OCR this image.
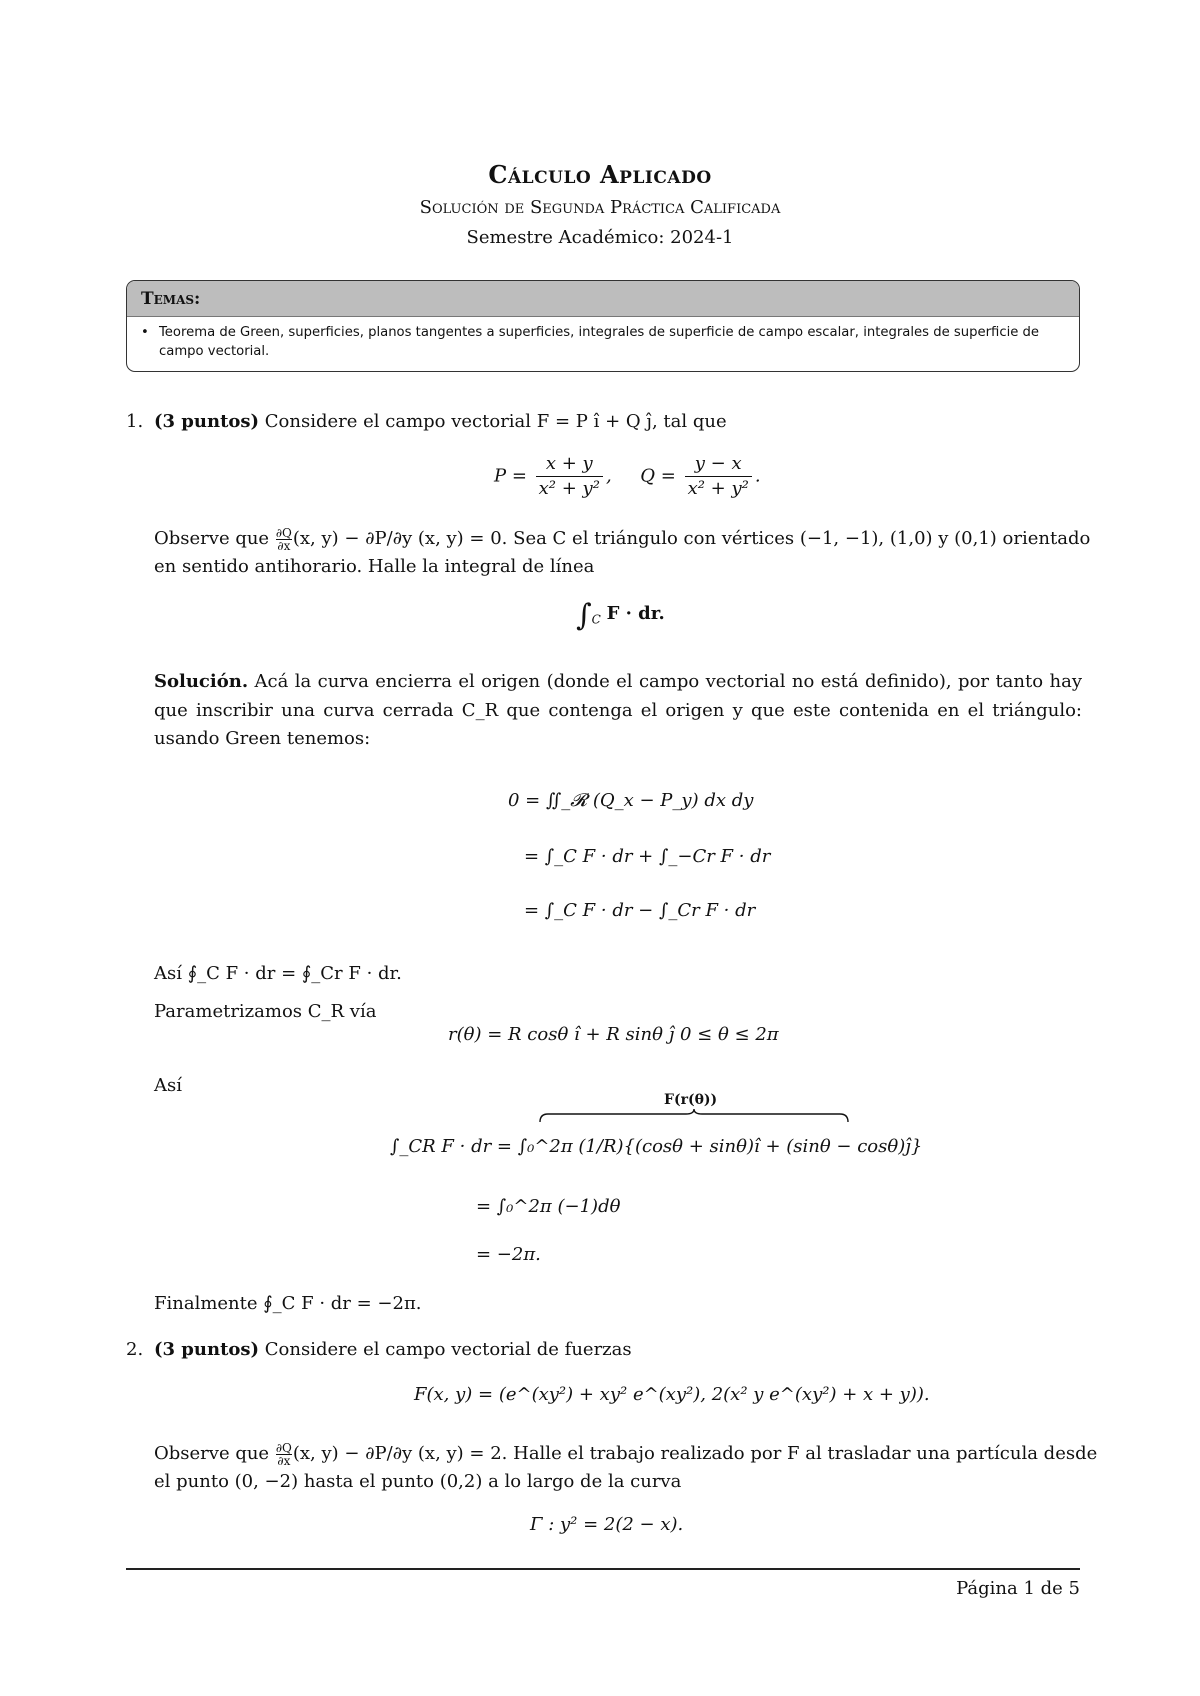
Cálculo Aplicado
Solución de Segunda Práctica Calificada
Semestre Académico: 2024-1
Temas:
• Teorema de Green, superficies, planos tangentes a superficies, integrales de superficie de campo escalar, integrales de superficie de campo vectorial.
1. (3 puntos) Considere el campo vectorial F = P î + Q ĵ, tal que
$P = \frac{x + y}{\text{x² + y²}}$ ,     $Q = \frac{y - x}{\text{x² + y²}}$ .
Observe que $\frac{\partial Q}{\partial x} (x$, y) − ∂P/∂y (x, y) = 0. Sea C el triángulo con vértices (−1, −1), (1,0) y (0,1) orientado
en sentido antihorario. Halle la integral de línea
$\int_C$ F · dr.
Solución. Acá la curva encierra el origen (donde el campo vectorial no está definido), por tanto hay que inscribir una curva cerrada C_R que contenga el origen y que este contenida en el triángulo: usando Green tenemos:
0 = ∬_𝓡 (Q_x − P_y) dx dy
= ∫_C F · dr + ∫_−Cr F · dr
= ∫_C F · dr − ∫_Cr F · dr
Así ∮_C F · dr = ∮_Cr F · dr.
Parametrizamos C_R vía
r(θ) = R cosθ î + R sinθ ĵ 0 ≤ θ ≤ 2π
Así
F(r(θ))
∫_CR F · dr = ∫₀^2π (1/R){(cosθ + sinθ)î + (sinθ − cosθ)ĵ}
= ∫₀^2π (−1)dθ
= −2π.
Finalmente ∮_C F · dr = −2π.
2. (3 puntos) Considere el campo vectorial de fuerzas
F(x, y) = (e^(xy²) + xy² e^(xy²), 2(x² y e^(xy²) + x + y)).
Observe que $\frac{\partial Q}{\partial x} (x$, y) − ∂P/∂y (x, y) = 2. Halle el trabajo realizado por F al trasladar una partícula desde
el punto (0, −2) hasta el punto (0,2) a lo largo de la curva
Γ : y² = 2(2 − x).
Página 1 de 5
